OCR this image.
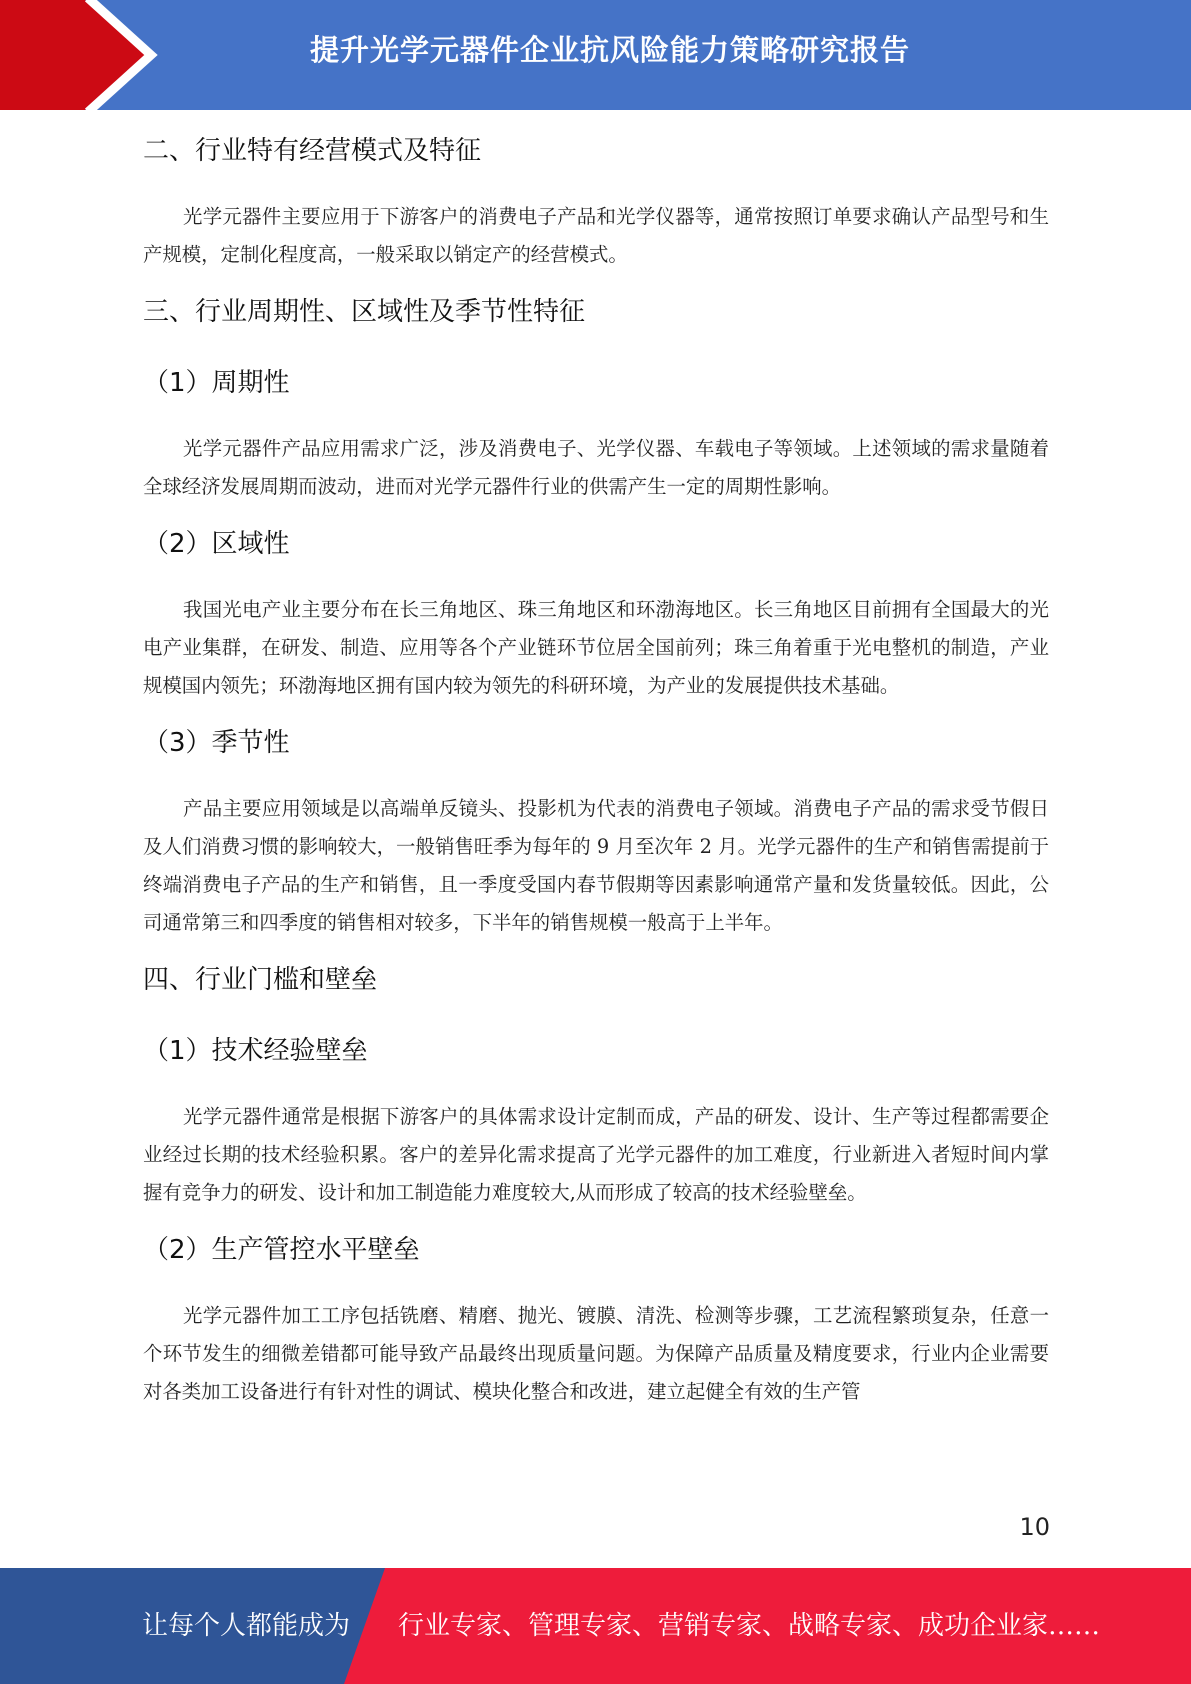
提升光学元器件企业抗风险能力策略研究报告
二、行业特有经营模式及特征

光学元器件主要应用于下游客户的消费电子产品和光学仪器等，通常按照订单要求确认产品型号和生产规模，定制化程度高，一般采取以销定产的经营模式。

三、行业周期性、区域性及季节性特征
（1）周期性

光学元器件产品应用需求广泛，涉及消费电子、光学仪器、车载电子等领域。上述领域的需求量随着全球经济发展周期而波动，进而对光学元器件行业的供需产生一定的周期性影响。

（2）区域性

我国光电产业主要分布在长三角地区、珠三角地区和环渤海地区。长三角地区目前拥有全国最大的光电产业集群，在研发、制造、应用等各个产业链环节位居全国前列；珠三角着重于光电整机的制造，产业规模国内领先；环渤海地区拥有国内较为领先的科研环境，为产业的发展提供技术基础。

（3）季节性

产品主要应用领域是以高端单反镜头、投影机为代表的消费电子领域。消费电子产品的需求受节假日及人们消费习惯的影响较大，一般销售旺季为每年的 9 月至次年 2 月。光学元器件的生产和销售需提前于终端消费电子产品的生产和销售，且一季度受国内春节假期等因素影响通常产量和发货量较低。因此，公司通常第三和四季度的销售相对较多，下半年的销售规模一般高于上半年。

四、行业门槛和壁垒
（1）技术经验壁垒

光学元器件通常是根据下游客户的具体需求设计定制而成，产品的研发、设计、生产等过程都需要企业经过长期的技术经验积累。客户的差异化需求提高了光学元器件的加工难度，行业新进入者短时间内掌握有竞争力的研发、设计和加工制造能力难度较大,从而形成了较高的技术经验壁垒。

（2）生产管控水平壁垒

光学元器件加工工序包括铣磨、精磨、抛光、镀膜、清洗、检测等步骤，工艺流程繁琐复杂，任意一个环节发生的细微差错都可能导致产品最终出现质量问题。为保障产品质量及精度要求，行业内企业需要对各类加工设备进行有针对性的调试、模块化整合和改进，建立起健全有效的生产管

10
让每个人都能成为 行业专家、管理专家、营销专家、战略专家、成功企业家……
